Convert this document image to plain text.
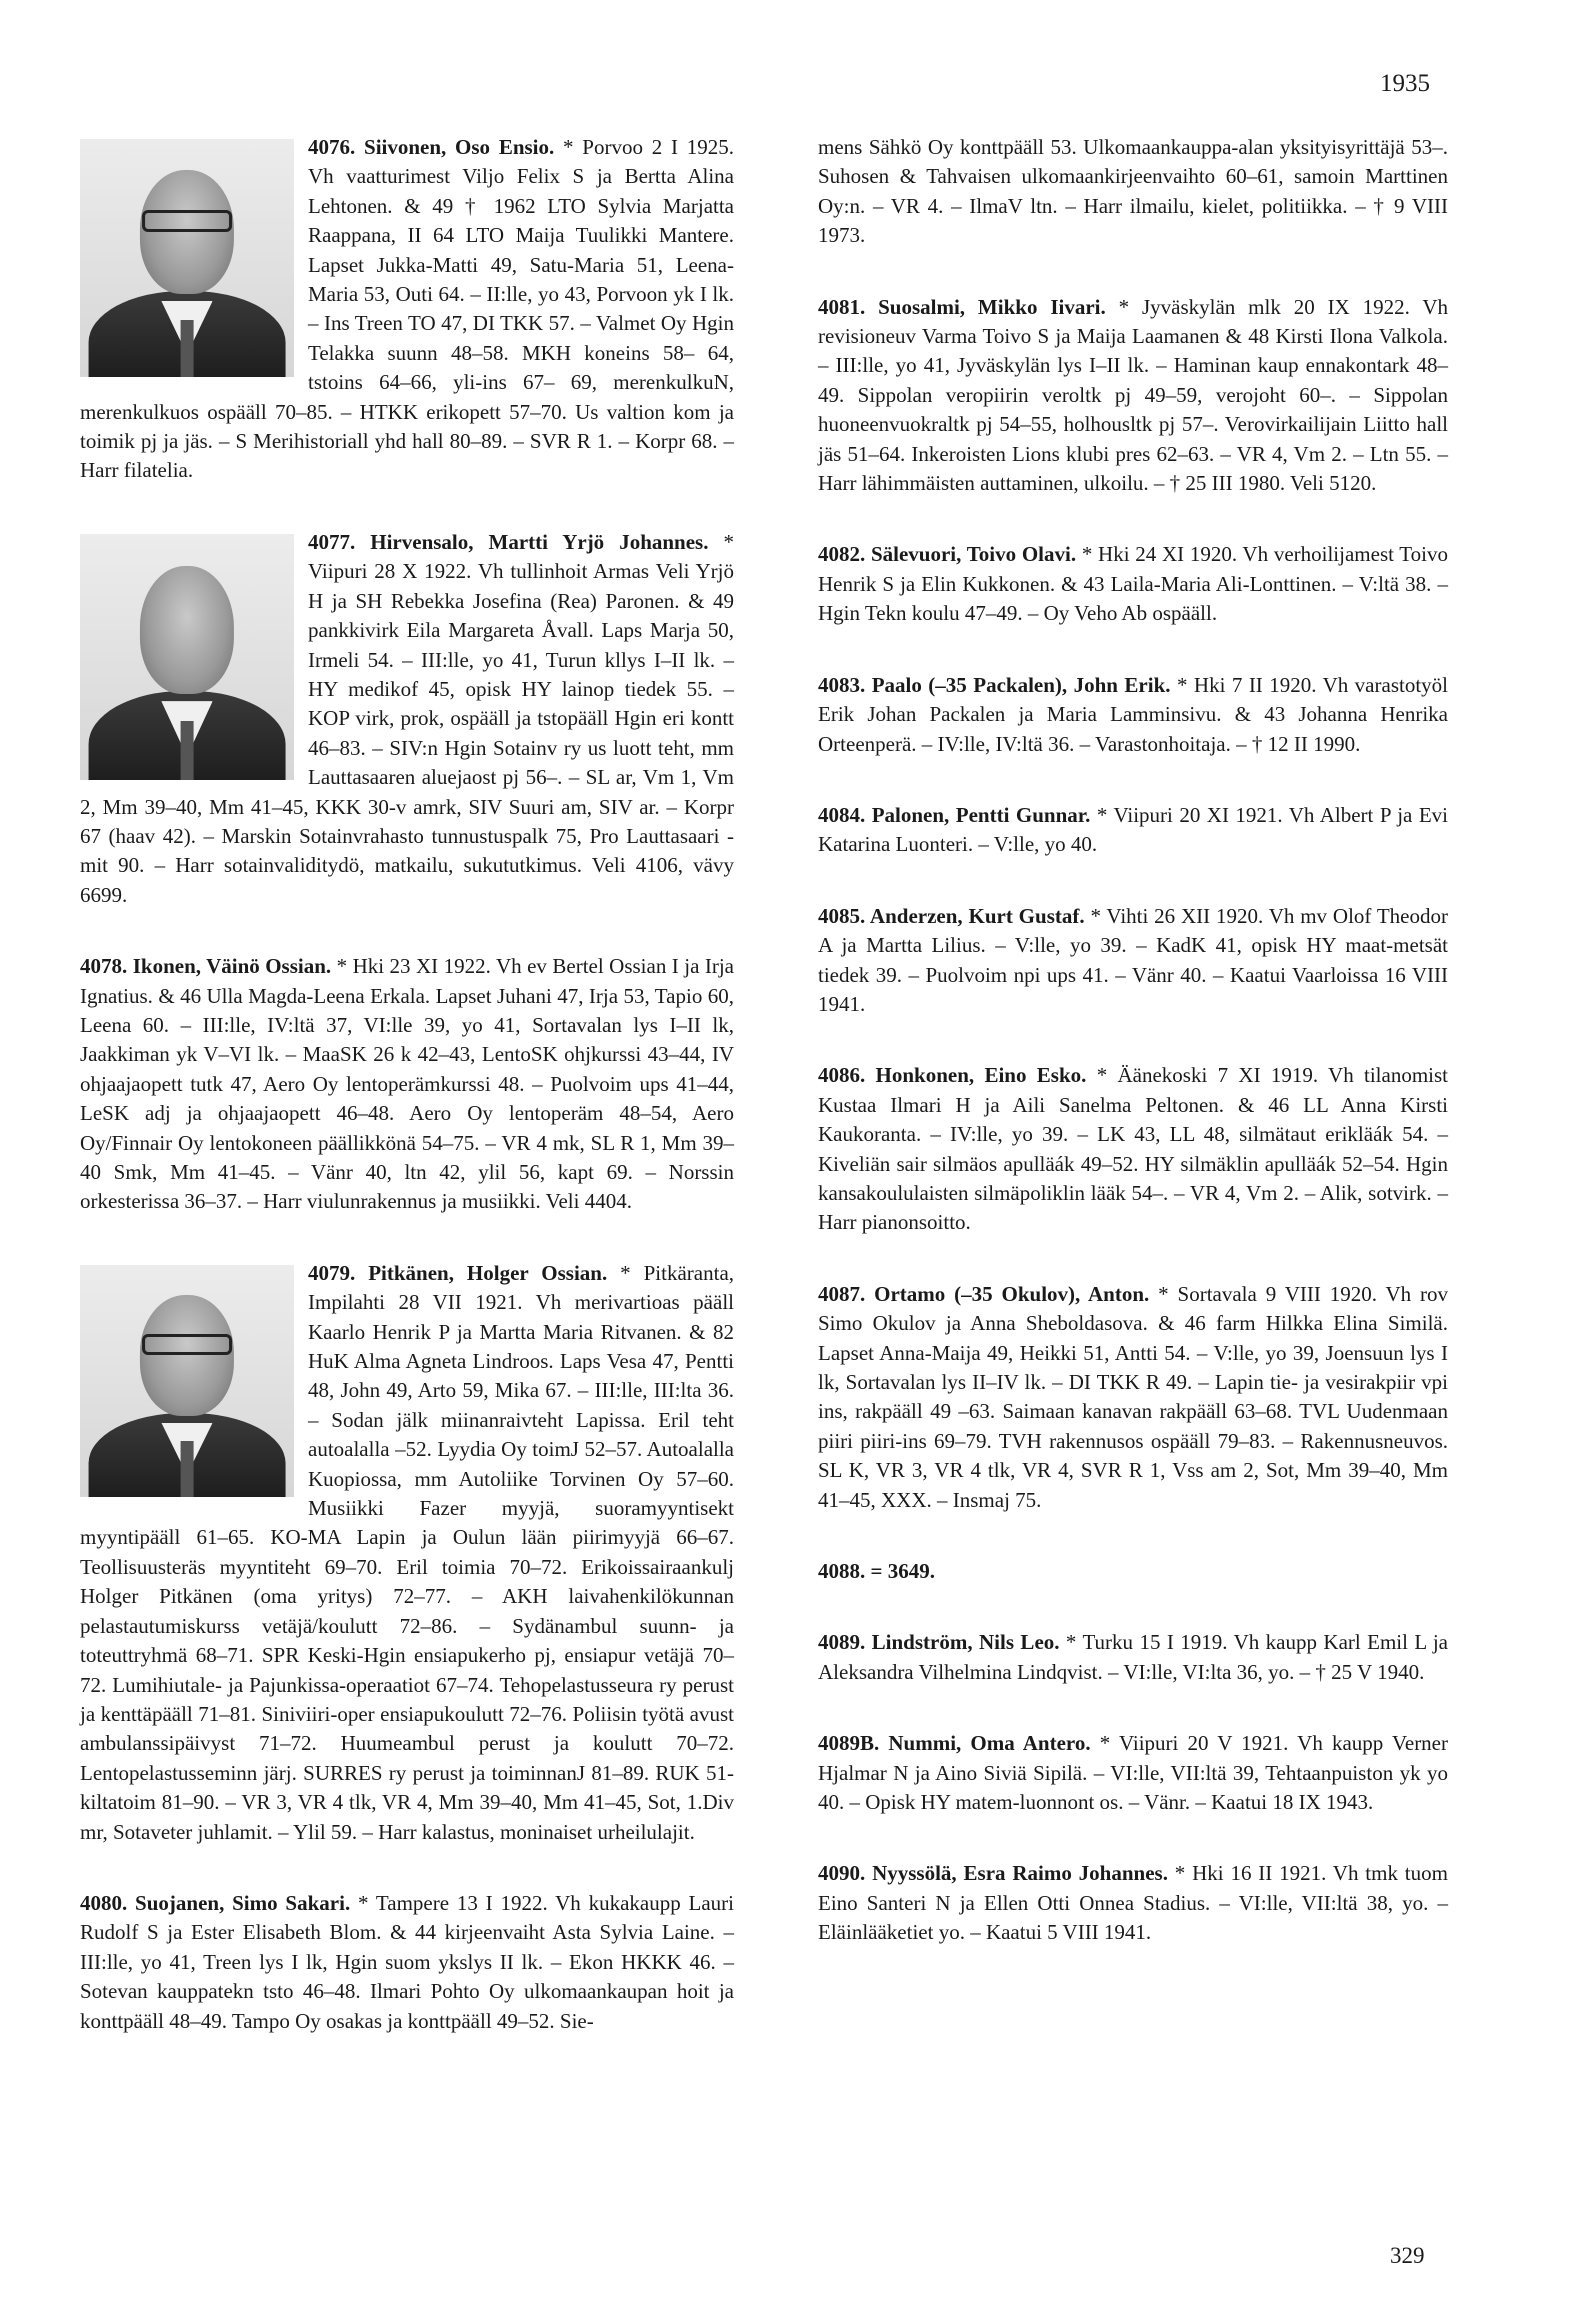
1935

4076. Siivonen, Oso Ensio. * Porvoo 2 I 1925. Vh vaatturimest Viljo Felix S ja Bertta Alina Lehtonen. & 49 † 1962 LTO Sylvia Marjatta Raappana, II 64 LTO Maija Tuulikki Mantere. Lapset Jukka-Matti 49, Satu-Maria 51, Leena-Maria 53, Outi 64. – II:lle, yo 43, Porvoon yk I lk. – Ins Treen TO 47, DI TKK 57. – Valmet Oy Hgin Telakka suunn 48–58. MKH koneins 58– 64, tstoins 64–66, yli-ins 67– 69, merenkulkuN, merenkulkuos ospääll 70–85. – HTKK erikopett 57–70. Us valtion kom ja toimik pj ja jäs. – S Merihistoriall yhd hall 80–89. – SVR R 1. – Korpr 68. – Harr filatelia.

4077. Hirvensalo, Martti Yrjö Johannes. * Viipuri 28 X 1922. Vh tullinhoit Armas Veli Yrjö H ja SH Rebekka Josefina (Rea) Paronen. & 49 pankkivirk Eila Margareta Åvall. Laps Marja 50, Irmeli 54. – III:lle, yo 41, Turun kllys I–II lk. – HY medikof 45, opisk HY lainop tiedek 55. – KOP virk, prok, ospääll ja tstopääll Hgin eri kontt 46–83. – SIV:n Hgin Sotainv ry us luott teht, mm Lauttasaaren aluejaost pj 56–. – SL ar, Vm 1, Vm 2, Mm 39–40, Mm 41–45, KKK 30-v amrk, SIV Suuri am, SIV ar. – Korpr 67 (haav 42). – Marskin Sotainvrahasto tunnustuspalk 75, Pro Lauttasaari -mit 90. – Harr sotainvaliditydö, matkailu, sukututkimus. Veli 4106, vävy 6699.

4078. Ikonen, Väinö Ossian. * Hki 23 XI 1922. Vh ev Bertel Ossian I ja Irja Ignatius. & 46 Ulla Magda-Leena Erkala. Lapset Juhani 47, Irja 53, Tapio 60, Leena 60. – III:lle, IV:ltä 37, VI:lle 39, yo 41, Sortavalan lys I–II lk, Jaakkiman yk V–VI lk. – MaaSK 26 k 42–43, LentoSK ohjkurssi 43–44, IV ohjaajaopett tutk 47, Aero Oy lentoperämkurssi 48. – Puolvoim ups 41–44, LeSK adj ja ohjaajaopett 46–48. Aero Oy lentoperäm 48–54, Aero Oy/Finnair Oy lentokoneen päällikkönä 54–75. – VR 4 mk, SL R 1, Mm 39–40 Smk, Mm 41–45. – Vänr 40, ltn 42, ylil 56, kapt 69. – Norssin orkesterissa 36–37. – Harr viulunrakennus ja musiikki. Veli 4404.

4079. Pitkänen, Holger Ossian. * Pitkäranta, Impilahti 28 VII 1921. Vh merivartioas pääll Kaarlo Henrik P ja Martta Maria Ritvanen. & 82 HuK Alma Agneta Lindroos. Laps Vesa 47, Pentti 48, John 49, Arto 59, Mika 67. – III:lle, III:lta 36. – Sodan jälk miinanraivteht Lapissa. Eril teht autoalalla –52. Lyydia Oy toimJ 52–57. Autoalalla Kuopiossa, mm Autoliike Torvinen Oy 57–60. Musiikki Fazer myyjä, suoramyyntisekt myyntipääll 61–65. KO-MA Lapin ja Oulun lään piirimyyjä 66–67. Teollisuusteräs myyntiteht 69–70. Eril toimia 70–72. Erikoissairaankulj Holger Pitkänen (oma yritys) 72–77. – AKH laivahenkilökunnan pelastautumiskurss vetäjä/koulutt 72–86. – Sydänambul suunn- ja toteuttryhmä 68–71. SPR Keski-Hgin ensiapukerho pj, ensiapur vetäjä 70–72. Lumihiutale- ja Pajunkissa-operaatiot 67–74. Tehopelastusseura ry perust ja kenttäpääll 71–81. Siniviiri-oper ensiapukoulutt 72–76. Poliisin työtä avust ambulanssipäivyst 71–72. Huumeambul perust ja koulutt 70–72. Lentopelastusseminn järj. SURRES ry perust ja toiminnanJ 81–89. RUK 51-kiltatoim 81–90. – VR 3, VR 4 tlk, VR 4, Mm 39–40, Mm 41–45, Sot, 1.Div mr, Sotaveter juhlamit. – Ylil 59. – Harr kalastus, moninaiset urheilulajit.

4080. Suojanen, Simo Sakari. * Tampere 13 I 1922. Vh kukakaupp Lauri Rudolf S ja Ester Elisabeth Blom. & 44 kirjeenvaiht Asta Sylvia Laine. – III:lle, yo 41, Treen lys I lk, Hgin suom ykslys II lk. – Ekon HKKK 46. – Sotevan kauppatekn tsto 46–48. Ilmari Pohto Oy ulkomaankaupan hoit ja konttpääll 48–49. Tampo Oy osakas ja konttpääll 49–52. Sie-

mens Sähkö Oy konttpääll 53. Ulkomaankauppa-alan yksityisyrittäjä 53–. Suhosen & Tahvaisen ulkomaankirjeenvaihto 60–61, samoin Marttinen Oy:n. – VR 4. – IlmaV ltn. – Harr ilmailu, kielet, politiikka. – † 9 VIII 1973.

4081. Suosalmi, Mikko Iivari. * Jyväskylän mlk 20 IX 1922. Vh revisioneuv Varma Toivo S ja Maija Laamanen & 48 Kirsti Ilona Valkola. – III:lle, yo 41, Jyväskylän lys I–II lk. – Haminan kaup ennakontark 48–49. Sippolan veropiirin veroltk pj 49–59, verojoht 60–. – Sippolan huoneenvuokraltk pj 54–55, holhousltk pj 57–. Verovirkailijain Liitto hall jäs 51–64. Inkeroisten Lions klubi pres 62–63. – VR 4, Vm 2. – Ltn 55. – Harr lähimmäisten auttaminen, ulkoilu. – † 25 III 1980. Veli 5120.

4082. Sälevuori, Toivo Olavi. * Hki 24 XI 1920. Vh verhoilijamest Toivo Henrik S ja Elin Kukkonen. & 43 Laila-Maria Ali-Lonttinen. – V:ltä 38. – Hgin Tekn koulu 47–49. – Oy Veho Ab ospääll.

4083. Paalo (–35 Packalen), John Erik. * Hki 7 II 1920. Vh varastotyöl Erik Johan Packalen ja Maria Lamminsivu. & 43 Johanna Henrika Orteenperä. – IV:lle, IV:ltä 36. – Varastonhoitaja. – † 12 II 1990.

4084. Palonen, Pentti Gunnar. * Viipuri 20 XI 1921. Vh Albert P ja Evi Katarina Luonteri. – V:lle, yo 40.

4085. Anderzen, Kurt Gustaf. * Vihti 26 XII 1920. Vh mv Olof Theodor A ja Martta Lilius. – V:lle, yo 39. – KadK 41, opisk HY maat-metsät tiedek 39. – Puolvoim npi ups 41. – Vänr 40. – Kaatui Vaarloissa 16 VIII 1941.

4086. Honkonen, Eino Esko. * Äänekoski 7 XI 1919. Vh tilanomist Kustaa Ilmari H ja Aili Sanelma Peltonen. & 46 LL Anna Kirsti Kaukoranta. – IV:lle, yo 39. – LK 43, LL 48, silmätaut erikläák 54. – Kiveliän sair silmäos apulläák 49–52. HY silmäklin apulläák 52–54. Hgin kansakoululaisten silmäpoliklin lääk 54–. – VR 4, Vm 2. – Alik, sotvirk. – Harr pianonsoitto.

4087. Ortamo (–35 Okulov), Anton. * Sortavala 9 VIII 1920. Vh rov Simo Okulov ja Anna Sheboldasova. & 46 farm Hilkka Elina Similä. Lapset Anna-Maija 49, Heikki 51, Antti 54. – V:lle, yo 39, Joensuun lys I lk, Sortavalan lys II–IV lk. – DI TKK R 49. – Lapin tie- ja vesirakpiir vpi ins, rakpääll 49 –63. Saimaan kanavan rakpääll 63–68. TVL Uudenmaan piiri piiri-ins 69–79. TVH rakennusos ospääll 79–83. – Rakennusneuvos. SL K, VR 3, VR 4 tlk, VR 4, SVR R 1, Vss am 2, Sot, Mm 39–40, Mm 41–45, XXX. – Insmaj 75.

4088. = 3649.

4089. Lindström, Nils Leo. * Turku 15 I 1919. Vh kaupp Karl Emil L ja Aleksandra Vilhelmina Lindqvist. – VI:lle, VI:lta 36, yo. – † 25 V 1940.

4089B. Nummi, Oma Antero. * Viipuri 20 V 1921. Vh kaupp Verner Hjalmar N ja Aino Siviä Sipilä. – VI:lle, VII:ltä 39, Tehtaanpuiston yk yo 40. – Opisk HY matem-luonnont os. – Vänr. – Kaatui 18 IX 1943.

4090. Nyyssölä, Esra Raimo Johannes. * Hki 16 II 1921. Vh tmk tuom Eino Santeri N ja Ellen Otti Onnea Stadius. – VI:lle, VII:ltä 38, yo. – Eläinlääketiet yo. – Kaatui 5 VIII 1941.

329
